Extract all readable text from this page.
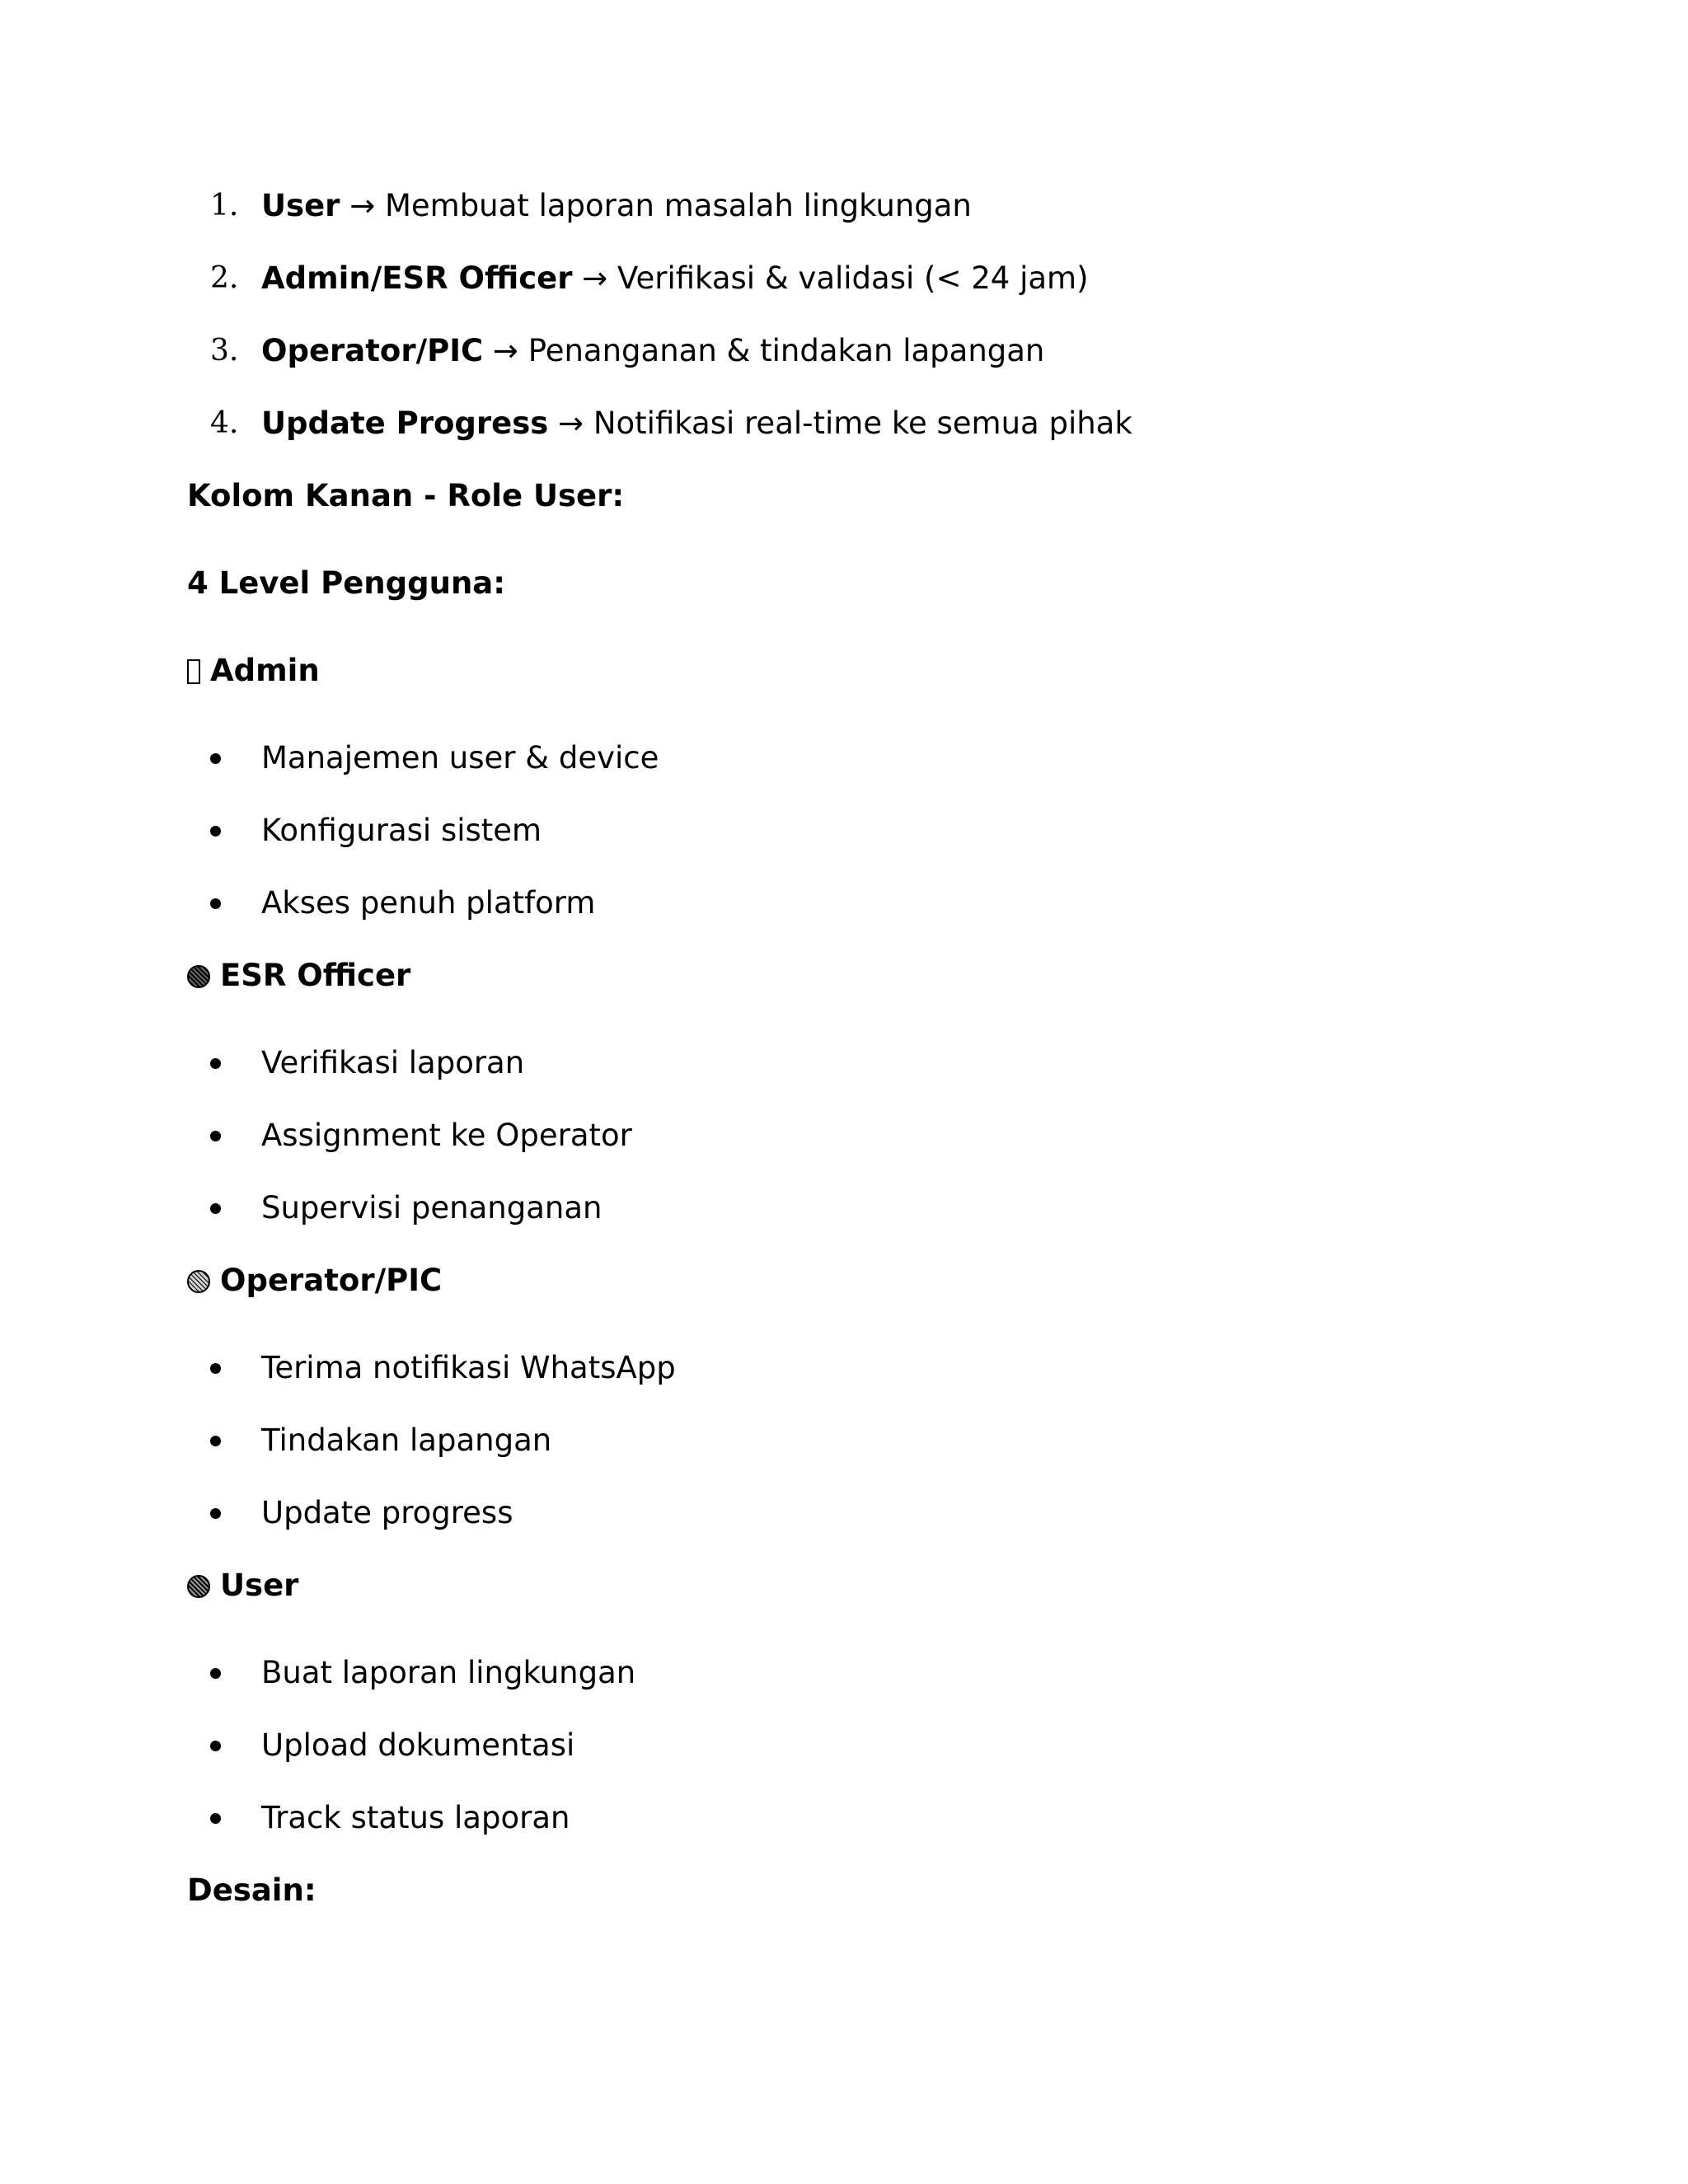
1. User → Membuat laporan masalah lingkungan
2. Admin/ESR Officer → Verifikasi & validasi (< 24 jam)
3. Operator/PIC → Penanganan & tindakan lapangan
4. Update Progress → Notifikasi real-time ke semua pihak
Kolom Kanan - Role User:
4 Level Pengguna:
Admin
Manajemen user & device
Konfigurasi sistem
Akses penuh platform
ESR Officer
Verifikasi laporan
Assignment ke Operator
Supervisi penanganan
Operator/PIC
Terima notifikasi WhatsApp
Tindakan lapangan
Update progress
User
Buat laporan lingkungan
Upload dokumentasi
Track status laporan
Desain:
